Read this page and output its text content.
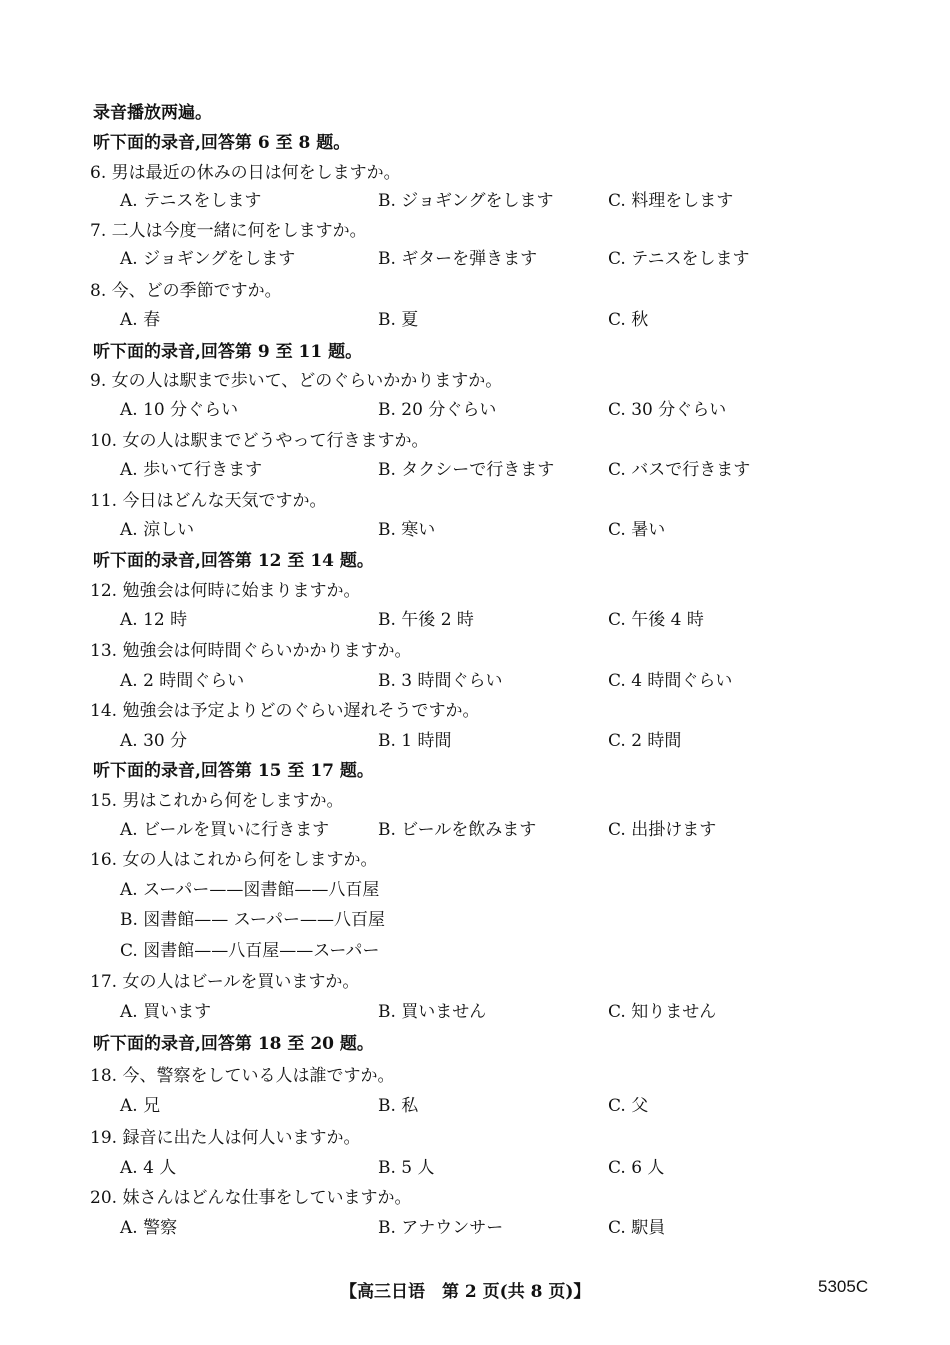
录音播放两遍。
听下面的录音,回答第 6 至 8 题。
6. 男は最近の休みの日は何をしますか。
A. テニスをします	B. ジョギングをします	C. 料理をします
7. 二人は今度一緒に何をしますか。
A. ジョギングをします	B. ギターを弾きます	C. テニスをします
8. 今、どの季節ですか。
A. 春	B. 夏	C. 秋
听下面的录音,回答第 9 至 11 题。
9. 女の人は駅まで歩いて、どのぐらいかかりますか。
A. 10 分ぐらい	B. 20 分ぐらい	C. 30 分ぐらい
10. 女の人は駅までどうやって行きますか。
A. 歩いて行きます	B. タクシーで行きます	C. バスで行きます
11. 今日はどんな天気ですか。
A. 涼しい	B. 寒い	C. 暑い
听下面的录音,回答第 12 至 14 题。
12. 勉強会は何時に始まりますか。
A. 12 時	B. 午後 2 時	C. 午後 4 時
13. 勉強会は何時間ぐらいかかりますか。
A. 2 時間ぐらい	B. 3 時間ぐらい	C. 4 時間ぐらい
14. 勉強会は予定よりどのぐらい遅れそうですか。
A. 30 分	B. 1 時間	C. 2 時間
听下面的录音,回答第 15 至 17 题。
15. 男はこれから何をしますか。
A. ビールを買いに行きます	B. ビールを飲みます	C. 出掛けます
16. 女の人はこれから何をしますか。
A. スーパー——図書館——八百屋
B. 図書館—— スーパー——八百屋
C. 図書館——八百屋——スーパー
17. 女の人はビールを買いますか。
A. 買います	B. 買いません	C. 知りません
听下面的录音,回答第 18 至 20 题。
18. 今、警察をしている人は誰ですか。
A. 兄	B. 私	C. 父
19. 録音に出た人は何人いますか。
A. 4 人	B. 5 人	C. 6 人
20. 妹さんはどんな仕事をしていますか。
A. 警察	B. アナウンサー	C. 駅員
【高三日语　第 2 页(共 8 页)】	5305C
